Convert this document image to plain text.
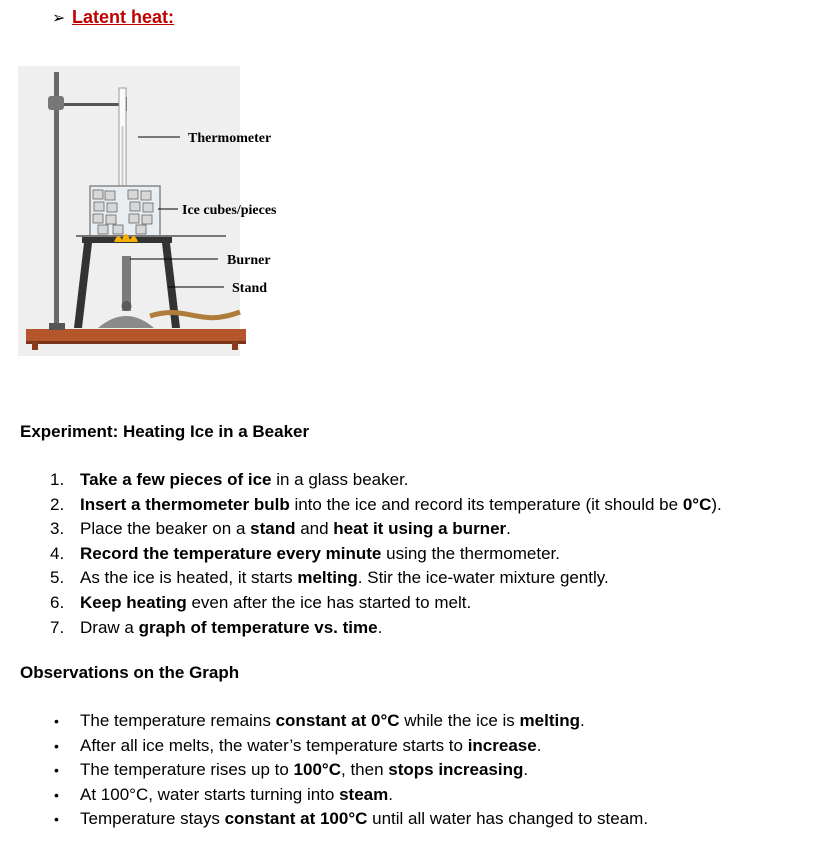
➢ Latent heat:
Thermometer
Ice cubes/pieces
Burner
Stand
Experiment: Heating Ice in a Beaker
1. Take a few pieces of ice in a glass beaker.
2. Insert a thermometer bulb into the ice and record its temperature (it should be 0°C).
3. Place the beaker on a stand and heat it using a burner.
4. Record the temperature every minute using the thermometer.
5. As the ice is heated, it starts melting. Stir the ice-water mixture gently.
6. Keep heating even after the ice has started to melt.
7. Draw a graph of temperature vs. time.
Observations on the Graph
• The temperature remains constant at 0°C while the ice is melting.
• After all ice melts, the water’s temperature starts to increase.
• The temperature rises up to 100°C, then stops increasing.
• At 100°C, water starts turning into steam.
• Temperature stays constant at 100°C until all water has changed to steam.
